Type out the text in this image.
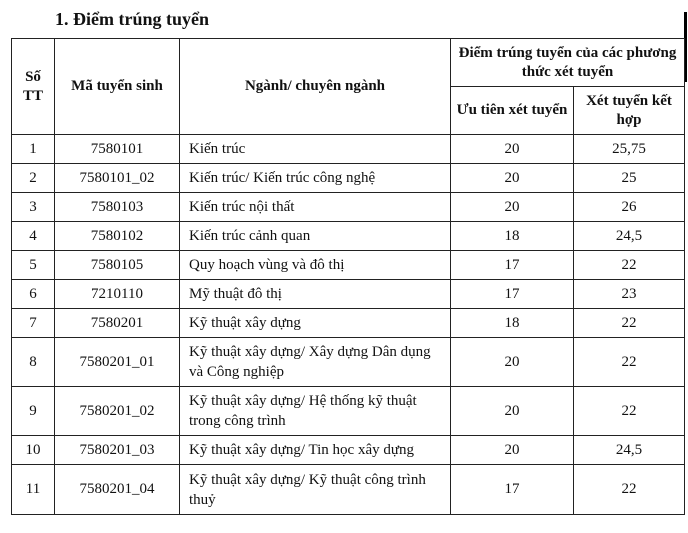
1. Điểm trúng tuyển
Số TT	Mã tuyển sinh	Ngành/ chuyên ngành	Điểm trúng tuyển của các phương thức xét tuyển	
			Ưu tiên xét tuyển	Xét tuyển kết hợp
1	7580101	Kiến trúc	20	25,75
2	7580101_02	Kiến trúc/ Kiến trúc công nghệ	20	25
3	7580103	Kiến trúc nội thất	20	26
4	7580102	Kiến trúc cảnh quan	18	24,5
5	7580105	Quy hoạch vùng và đô thị	17	22
6	7210110	Mỹ thuật đô thị	17	23
7	7580201	Kỹ thuật xây dựng	18	22
8	7580201_01	Kỹ thuật xây dựng/ Xây dựng Dân dụng và Công nghiệp	20	22
9	7580201_02	Kỹ thuật xây dựng/ Hệ thống kỹ thuật trong công trình	20	22
10	7580201_03	Kỹ thuật xây dựng/ Tin học xây dựng	20	24,5
11	7580201_04	Kỹ thuật xây dựng/ Kỹ thuật công trình thuỷ	17	22
